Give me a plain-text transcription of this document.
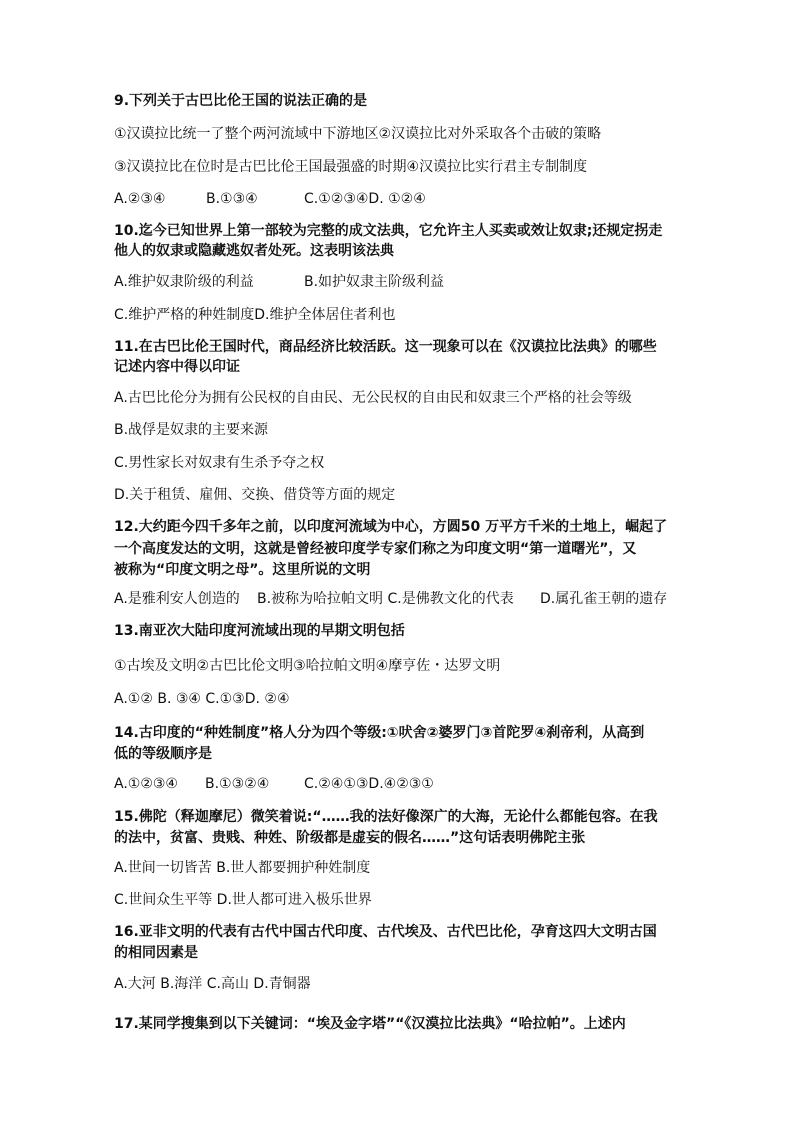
9.下列关于古巴比伦王国的说法正确的是
①汉谟拉比统一了整个两河流域中下游地区②汉谟拉比对外采取各个击破的策略
③汉谟拉比在位时是古巴比伦王国最强盛的时期④汉谟拉比实行君主专制制度
A.②③④	B.①③④	C.①②③④D. ①②④
10.迄今已知世界上第一部较为完整的成文法典，它允许主人买卖或效让奴隶;还规定拐走
他人的奴隶或隐藏逃奴者处死。这表明该法典
A.维护奴隶阶级的利益	B.如护奴隶主阶级利益
C.维护严格的种姓制度D.维护全体居住者利也
11.在古巴比伦王国时代，商品经济比较活跃。这一现象可以在《汉谟拉比法典》的哪些
记述内容中得以印证
A.古巴比伦分为拥有公民权的自由民、无公民权的自由民和奴隶三个严格的社会等级
B.战俘是奴隶的主要来源
C.男性家长对奴隶有生杀予夺之权
D.关于租赁、雇佣、交换、借贷等方面的规定
12.大约距今四千多年之前，以印度河流域为中心，方圆50 万平方千米的土地上，崛起了
一个高度发达的文明，这就是曾经被印度学专家们称之为印度文明“第一道曙光”，又
被称为“印度文明之母”。这里所说的文明
A.是雅利安人创造的 B.被称为哈拉帕文明 C.是佛教文化的代表 D.属孔雀王朝的遗存
13.南亚次大陆印度河流域出现的早期文明包括
①古埃及文明②古巴比伦文明③哈拉帕文明④摩亨佐・达罗文明
A.①② B. ③④ C.①③D. ②④
14.古印度的“种姓制度”格人分为四个等级:①吠舍②婆罗门③首陀罗④刹帝利，从高到
低的等级顺序是
A.①②③④ B.①③②④ C.②④①③D.④②③①
15.佛陀（释迦摩尼）微笑着说:“……我的法好像深广的大海，无论什么都能包容。在我
的法中，贫富、贵贱、种姓、阶级都是虚妄的假名……”这句话表明佛陀主张
A.世间一切皆苦 B.世人都要拥护种姓制度
C.世间众生平等 D.世人都可进入极乐世界
16.亚非文明的代表有古代中国古代印度、古代埃及、古代巴比伦，孕育这四大文明古国
的相同因素是
A.大河 B.海洋 C.高山 D.青铜器
17.某同学搜集到以下关键词：“埃及金字塔”“《汉漠拉比法典》“哈拉帕”。上述内
